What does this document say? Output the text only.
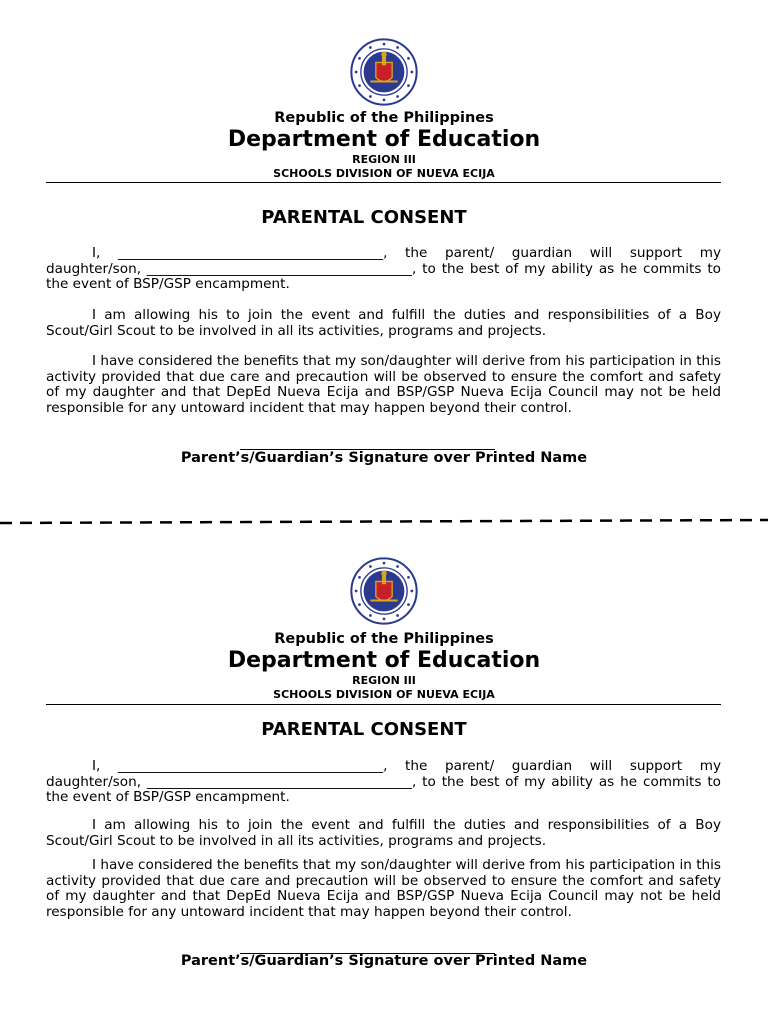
Republic of the Philippines
Department of Education
REGION III
SCHOOLS DIVISION OF NUEVA ECIJA
PARENTAL CONSENT

I, _______________________________________, the parent/ guardian will support my daughter/son, _______________________________________, to the best of my ability as he commits to the event of BSP/GSP encampment.

I am allowing his to join the event and fulfill the duties and responsibilities of a Boy Scout/Girl Scout to be involved in all its activities, programs and projects.

I have considered the benefits that my son/daughter will derive from his participation in this activity provided that due care and precaution will be observed to ensure the comfort and safety of my daughter and that DepEd Nueva Ecija and BSP/GSP Nueva Ecija Council may not be held responsible for any untoward incident that may happen beyond their control.

Parent’s/Guardian’s Signature over Printed Name
Republic of the Philippines
Department of Education
REGION III
SCHOOLS DIVISION OF NUEVA ECIJA
PARENTAL CONSENT

I, _______________________________________, the parent/ guardian will support my daughter/son, _______________________________________, to the best of my ability as he commits to the event of BSP/GSP encampment.

I am allowing his to join the event and fulfill the duties and responsibilities of a Boy Scout/Girl Scout to be involved in all its activities, programs and projects.

I have considered the benefits that my son/daughter will derive from his participation in this activity provided that due care and precaution will be observed to ensure the comfort and safety of my daughter and that DepEd Nueva Ecija and BSP/GSP Nueva Ecija Council may not be held responsible for any untoward incident that may happen beyond their control.

Parent’s/Guardian’s Signature over Printed Name
